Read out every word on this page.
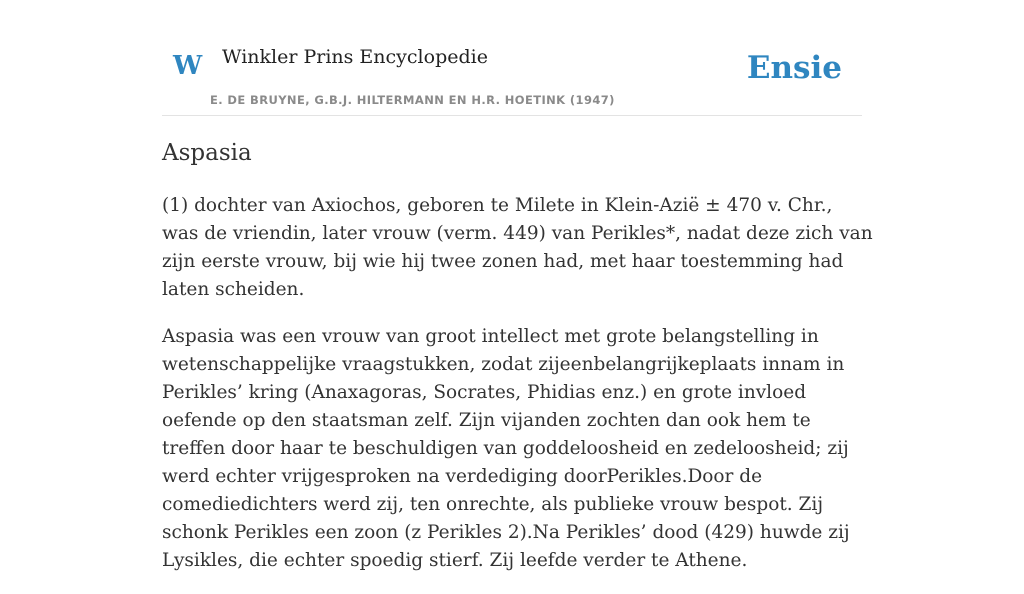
W Winkler Prins Encyclopedie
E. DE BRUYNE, G.B.J. HILTERMANN EN H.R. HOETINK (1947)
Ensie
Aspasia

(1) dochter van Axiochos, geboren te Milete in Klein-Azië ± 470 v. Chr., was de vriendin, later vrouw (verm. 449) van Perikles*, nadat deze zich van zijn eerste vrouw, bij wie hij twee zonen had, met haar toestemming had laten scheiden.

Aspasia was een vrouw van groot intellect met grote belangstelling in wetenschappelijke vraagstukken, zodat zijeenbelangrijkeplaats innam in Perikles’ kring (Anaxagoras, Socrates, Phidias enz.) en grote invloed oefende op den staatsman zelf. Zijn vijanden zochten dan ook hem te treffen door haar te beschuldigen van goddeloosheid en zedeloosheid; zij werd echter vrijgesproken na verdediging doorPerikles.Door de comediedichters werd zij, ten onrechte, als publieke vrouw bespot. Zij schonk Perikles een zoon (z Perikles 2).Na Perikles’ dood (429) huwde zij Lysikles, die echter spoedig stierf. Zij leefde verder te Athene.
